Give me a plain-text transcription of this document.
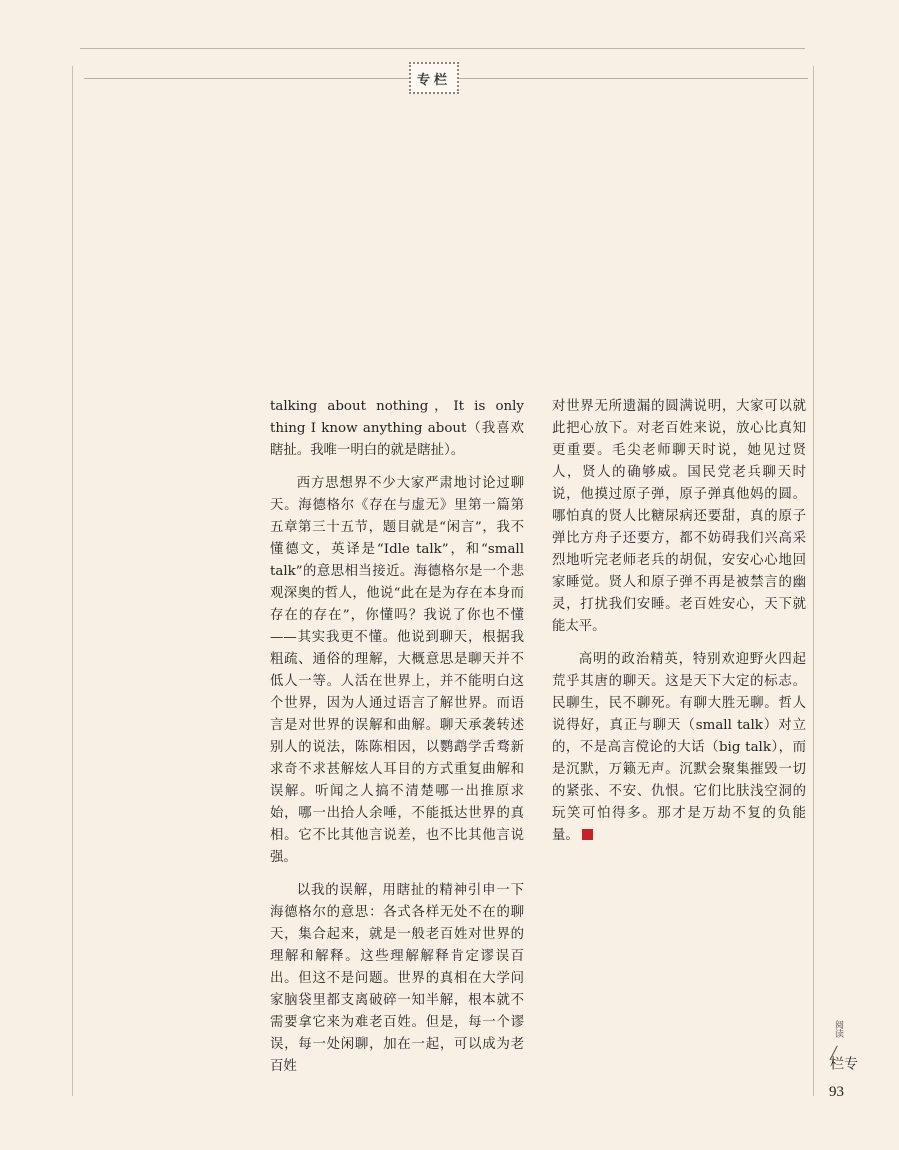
专栏

talking about nothing，It is only thing I know anything about（我喜欢瞎扯。我唯一明白的就是瞎扯）。

西方思想界不少大家严肃地讨论过聊天。海德格尔《存在与虚无》里第一篇第五章第三十五节，题目就是“闲言”，我不懂德文，英译是“Idle talk”，和“small talk”的意思相当接近。海德格尔是一个悲观深奥的哲人，他说“此在是为存在本身而存在的存在”，你懂吗？我说了你也不懂——其实我更不懂。他说到聊天，根据我粗疏、通俗的理解，大概意思是聊天并不低人一等。人活在世界上，并不能明白这个世界，因为人通过语言了解世界。而语言是对世界的误解和曲解。聊天承袭转述别人的说法，陈陈相因，以鹦鹉学舌骛新求奇不求甚解炫人耳目的方式重复曲解和误解。听闻之人搞不清楚哪一出推原求始，哪一出拾人余唾，不能抵达世界的真相。它不比其他言说差，也不比其他言说强。

以我的误解，用瞎扯的精神引申一下海德格尔的意思：各式各样无处不在的聊天，集合起来，就是一般老百姓对世界的理解和解释。这些理解解释肯定谬误百出。但这不是问题。世界的真相在大学问家脑袋里都支离破碎一知半解，根本就不需要拿它来为难老百姓。但是，每一个谬误，每一处闲聊，加在一起，可以成为老百姓

对世界无所遗漏的圆满说明，大家可以就此把心放下。对老百姓来说，放心比真知更重要。毛尖老师聊天时说，她见过贤人，贤人的确够威。国民党老兵聊天时说，他摸过原子弹，原子弹真他妈的圆。哪怕真的贤人比糖尿病还要甜，真的原子弹比方舟子还要方，都不妨碍我们兴高采烈地听完老师老兵的胡侃，安安心心地回家睡觉。贤人和原子弹不再是被禁言的幽灵，打扰我们安睡。老百姓安心，天下就能太平。

高明的政治精英，特别欢迎野火四起荒乎其唐的聊天。这是天下大定的标志。民聊生，民不聊死。有聊大胜无聊。哲人说得好，真正与聊天（small talk）对立的，不是高言傥论的大话（big talk），而是沉默，万籁无声。沉默会聚集摧毁一切的紧张、不安、仇恨。它们比肤浅空洞的玩笑可怕得多。那才是万劫不复的负能量。

阅读
╱
专栏
93
